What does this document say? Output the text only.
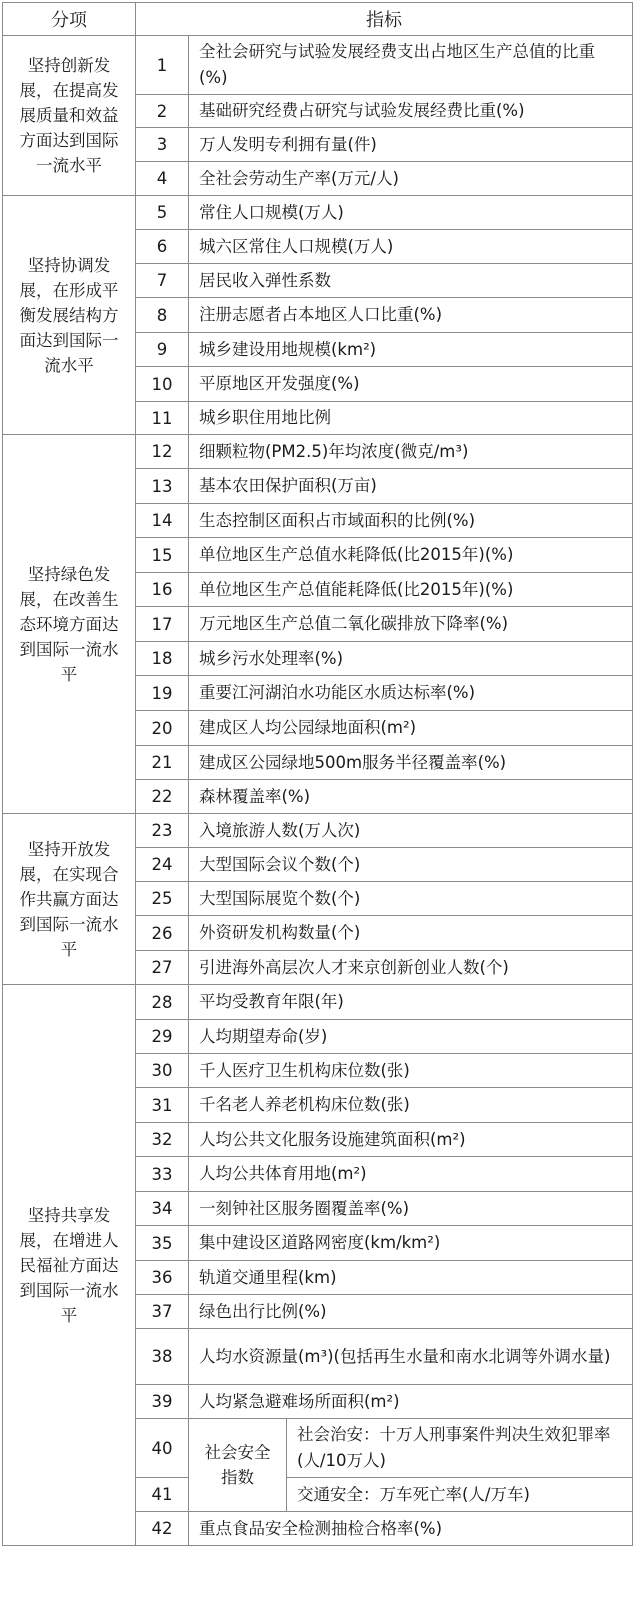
分项	指标		
坚持创新发展，在提高发展质量和效益方面达到国际一流水平	1	全社会研究与试验发展经费支出占地区生产总值的比重(%)	
	2	基础研究经费占研究与试验发展经费比重(%)	
	3	万人发明专利拥有量(件)	
	4	全社会劳动生产率(万元/人)	
坚持协调发展，在形成平衡发展结构方面达到国际一流水平	5	常住人口规模(万人)	
	6	城六区常住人口规模(万人)	
	7	居民收入弹性系数	
	8	注册志愿者占本地区人口比重(%)	
	9	城乡建设用地规模(km²)	
	10	平原地区开发强度(%)	
	11	城乡职住用地比例	
坚持绿色发展，在改善生态环境方面达到国际一流水平	12	细颗粒物(PM2.5)年均浓度(微克/m³)	
	13	基本农田保护面积(万亩)	
	14	生态控制区面积占市域面积的比例(%)	
	15	单位地区生产总值水耗降低(比2015年)(%)	
	16	单位地区生产总值能耗降低(比2015年)(%)	
	17	万元地区生产总值二氧化碳排放下降率(%)	
	18	城乡污水处理率(%)	
	19	重要江河湖泊水功能区水质达标率(%)	
	20	建成区人均公园绿地面积(m²)	
	21	建成区公园绿地500m服务半径覆盖率(%)	
	22	森林覆盖率(%)	
坚持开放发展，在实现合作共赢方面达到国际一流水平	23	入境旅游人数(万人次)	
	24	大型国际会议个数(个)	
	25	大型国际展览个数(个)	
	26	外资研发机构数量(个)	
	27	引进海外高层次人才来京创新创业人数(个)	
坚持共享发展，在增进人民福祉方面达到国际一流水平	28	平均受教育年限(年)	
	29	人均期望寿命(岁)	
	30	千人医疗卫生机构床位数(张)	
	31	千名老人养老机构床位数(张)	
	32	人均公共文化服务设施建筑面积(m²)	
	33	人均公共体育用地(m²)	
	34	一刻钟社区服务圈覆盖率(%)	
	35	集中建设区道路网密度(km/km²)	
	36	轨道交通里程(km)	
	37	绿色出行比例(%)	
	38	人均水资源量(m³)(包括再生水量和南水北调等外调水量)	
	39	人均紧急避难场所面积(m²)	
	40	社会安全指数	社会治安：十万人刑事案件判决生效犯罪率(人/10万人)
	41		交通安全：万车死亡率(人/万车)
	42	重点食品安全检测抽检合格率(%)	
